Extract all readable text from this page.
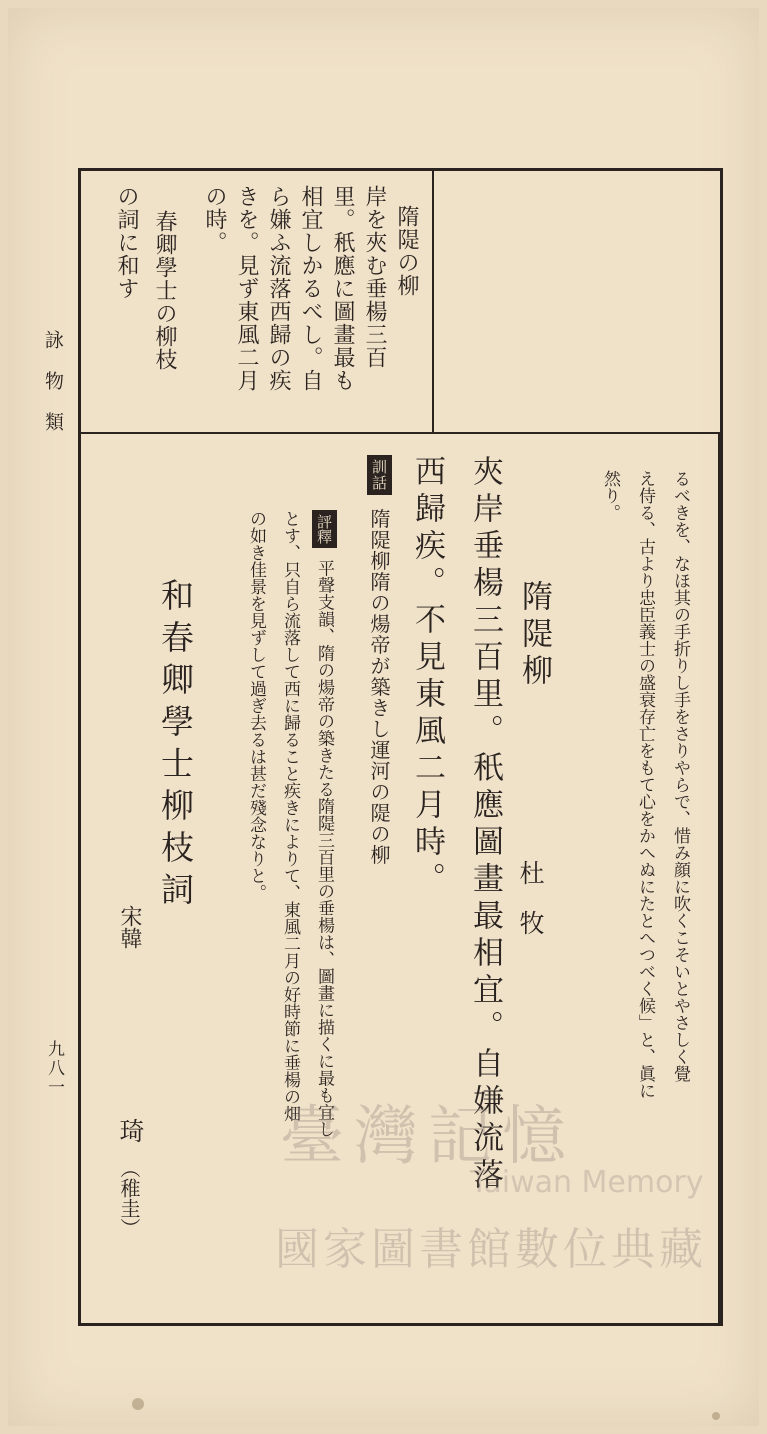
詠物類
九八一	るべきを、なほ其の手折りし手をさりやらで、惜み顔に吹くこそいとやさしく覺
え侍る、古より忠臣義士の盛衰存亡をもて心をかへぬにたとへつべく候」と、眞に
然り。
隋隄の柳
岸を夾む垂楊三百
里。秖應に圖畫最も
相宜しかるべし。自
ら嫌ふ流落西歸の疾
きを。見ず東風二月
の時。
春卿學士の柳枝
の詞に和す
隋隄柳
杜　牧
夾岸垂楊三百里。秖應圖畫最相宜。自嫌流落
西歸疾。不見東風二月時。
訓話 隋隄柳隋の煬帝が築きし運河の隄の柳
評釋 平聲支韻、隋の煬帝の築きたる隋隄三百里の垂楊は、圖畫に描くに最も宜し
とす、只自ら流落して西に歸ること疾きによりて、東風二月の好時節に垂楊の畑
の如き佳景を見ずして過ぎ去るは甚だ殘念なりと。
和春卿學士柳枝詞
宋韓
琦
（稚圭）
臺灣記憶
Taiwan Memory
國家圖書館數位典藏
